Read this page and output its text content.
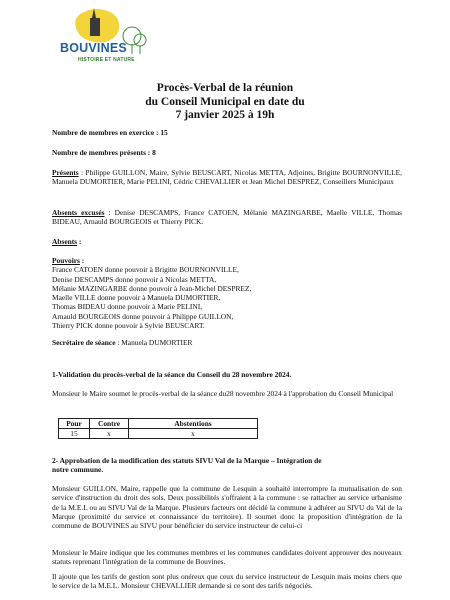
BOUVINES
HISTOIRE ET NATURE
Procès-Verbal de la réunion
du Conseil Municipal en date du
7 janvier 2025 à 19h

Nombre de membres en exercice : 15

Nombre de membres présents : 8

Présents : Philippe GUILLON, Maire, Sylvie BEUSCART, Nicolas METTA, Adjoints, Brigitte BOURNONVILLE, Manuela DUMORTIER, Marie PELINI, Cédric CHEVALLIER et Jean Michel DESPREZ, Conseillers Municipaux

Absents excusés : Denise DESCAMPS, France CATOEN, Mélanie MAZINGARBE, Maelle VILLE, Thomas BIDEAU, Arnauld BOURGEOIS et Thierry PICK.

Absents :

Pouvoirs :

France CATOEN donne pouvoir à Brigitte BOURNONVILLE,

Denise DESCAMPS donne pouvoir à Nicolas METTA,

Mélanie MAZINGARBE donne pouvoir à Jean-Michel DESPREZ,

Maelle VILLE donne pouvoir à Manuela DUMORTIER,

Thomas BIDEAU donne pouvoir à Marie PELINI,

Arnauld BOURGEOIS donne pouvoir à Philippe GUILLON,

Thierry PICK donne pouvoir à Sylvie BEUSCART.

Secrétaire de séance : Manuela DUMORTIER

1-Validation du procès-verbal de la séance du Conseil du 28 novembre 2024.

Monsieur le Maire soumet le procès-verbal de la séance du28 novembre 2024 à l'approbation du Conseil Municipal

Pour	Contre	Abstentions
15	x	x

2- Approbation de la modification des statuts SIVU Val de la Marque – Intégration de

notre commune.

Monsieur GUILLON, Maire, rappelle que la commune de Lesquin a souhaité interrompre la mutualisation de son service d'instruction du droit des sols. Deux possibilités s'offraient à la commune : se rattacher au service urbanisme de la M.E.L ou au SIVU Val de la Marque. Plusieurs facteurs ont décidé la commune à adhérer au SIVU du Val de la Marque (proximité du service et connaissance du territoire). Il soumet donc la proposition d'intégration de la commune de BOUVINES au SIVU pour bénéficier du service instructeur de celui-ci

Monsieur le Maire indique que les communes membres et les communes candidates doivent approuver des nouveaux statuts reprenant l'intégration de la commune de Bouvines.

Il ajoute que les tarifs de gestion sont plus onéreux que ceux du service instructeur de Lesquin mais moins chers que le service de la M.E.L. Monsieur CHEVALLIER demande si ce sont des tarifs négociés.
